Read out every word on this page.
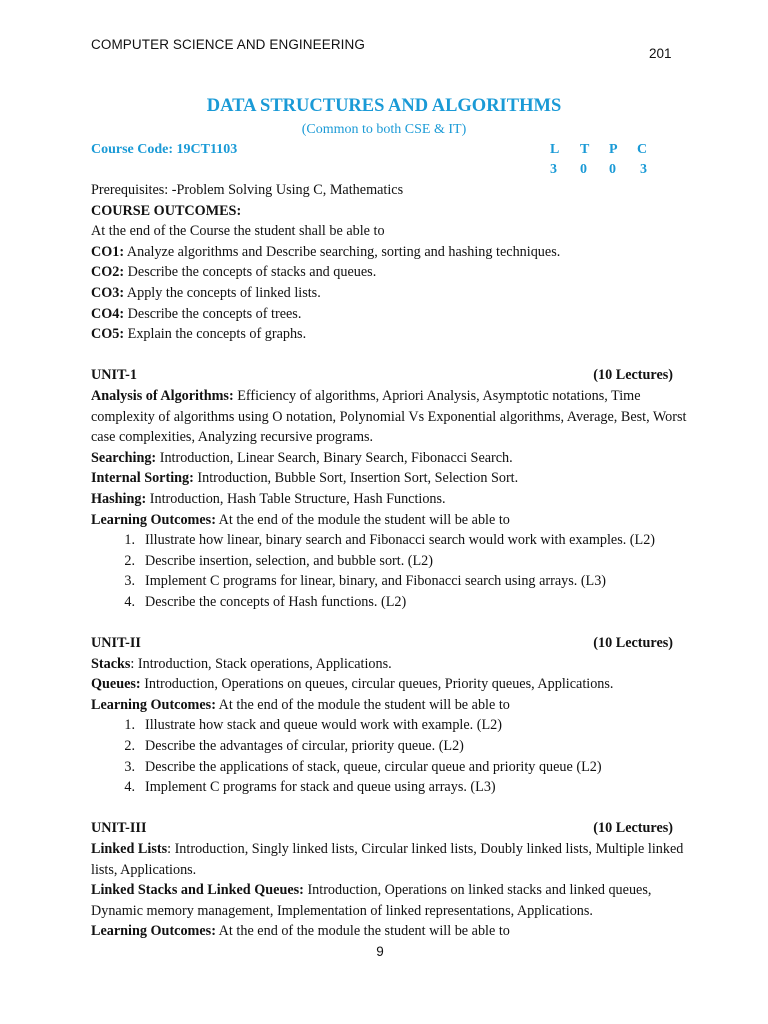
COMPUTER SCIENCE AND ENGINEERING
201
DATA STRUCTURES AND ALGORITHMS
(Common to both CSE & IT)
Course Code: 19CT1103	L T P C
3 0 0 3

Prerequisites: -Problem Solving Using C, Mathematics

COURSE OUTCOMES:

At the end of the Course the student shall be able to

CO1: Analyze algorithms and Describe searching, sorting and hashing techniques.

CO2: Describe the concepts of stacks and queues.

CO3: Apply the concepts of linked lists.

CO4: Describe the concepts of trees.

CO5: Explain the concepts of graphs.

UNIT-1	(10 Lectures)

Analysis of Algorithms: Efficiency of algorithms, Apriori Analysis, Asymptotic notations, Time complexity of algorithms using O notation, Polynomial Vs Exponential algorithms, Average, Best, Worst case complexities, Analyzing recursive programs.

Searching: Introduction, Linear Search, Binary Search, Fibonacci Search.

Internal Sorting: Introduction, Bubble Sort, Insertion Sort, Selection Sort.

Hashing: Introduction, Hash Table Structure, Hash Functions.

Learning Outcomes: At the end of the module the student will be able to

1. Illustrate how linear, binary search and Fibonacci search would work with examples. (L2)
2. Describe insertion, selection, and bubble sort. (L2)
3. Implement C programs for linear, binary, and Fibonacci search using arrays. (L3)
4. Describe the concepts of Hash functions. (L2)
UNIT-II	(10 Lectures)

Stacks: Introduction, Stack operations, Applications.

Queues: Introduction, Operations on queues, circular queues, Priority queues, Applications.

Learning Outcomes: At the end of the module the student will be able to

1. Illustrate how stack and queue would work with example. (L2)
2. Describe the advantages of circular, priority queue. (L2)
3. Describe the applications of stack, queue, circular queue and priority queue (L2)
4. Implement C programs for stack and queue using arrays. (L3)
UNIT-III	(10 Lectures)

Linked Lists: Introduction, Singly linked lists, Circular linked lists, Doubly linked lists, Multiple linked lists, Applications.

Linked Stacks and Linked Queues: Introduction, Operations on linked stacks and linked queues, Dynamic memory management, Implementation of linked representations, Applications.

Learning Outcomes: At the end of the module the student will be able to

9
